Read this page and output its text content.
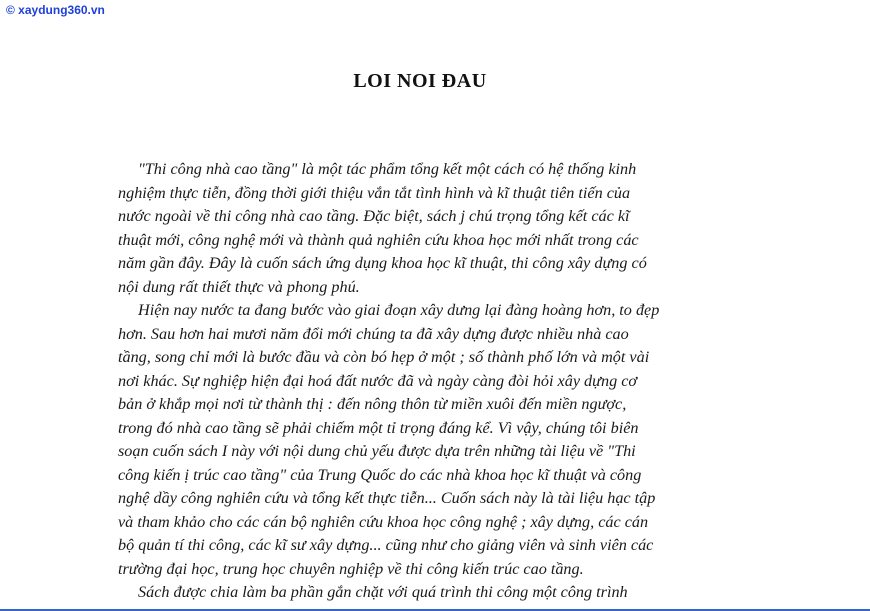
© xaydung360.vn
LOI NOI ĐAU
"Thi công nhà cao tầng" là một tác phẩm tổng kết một cách có hệ thống kinh
nghiệm thực tiễn, đồng thời giới thiệu vắn tắt tình hình và kĩ thuật tiên tiến của
nước ngoài về thi công nhà cao tầng. Đặc biệt, sách j chú trọng tổng kết các kĩ
thuật mới, công nghệ mới và thành quả nghiên cứu khoa học mới nhất trong các
năm gần đây. Đây là cuốn sách ứng dụng khoa học kĩ thuật, thi công xây dựng có
nội dung rất thiết thực và phong phú.
Hiện nay nước ta đang bước vào giai đoạn xây dưng lại đàng hoàng hơn, to đẹp
hơn. Sau hơn hai mươi năm đổi mới chúng ta đã xây dựng được nhiều nhà cao
tầng, song chỉ mới là bước đầu và còn bó hẹp ở một ; số thành phố lớn và một vài
nơi khác. Sự nghiệp hiện đại hoá đất nước đã và ngày càng đòi hỏi xây dựng cơ
bản ở khắp mọi nơi từ thành thị : đến nông thôn từ miền xuôi đến miền ngược,
trong đó nhà cao tầng sẽ phải chiếm một tỉ trọng đáng kể. Vì vậy, chúng tôi biên
soạn cuốn sách I này với nội dung chủ yếu được dựa trên những tài liệu về "Thi
công kiến ị trúc cao tầng" của Trung Quốc do các nhà khoa học kĩ thuật và công
nghệ dầy công nghiên cứu và tổng kết thực tiễn... Cuốn sách này là tài liệu hạc tập
và tham khảo cho các cán bộ nghiên cứu khoa học công nghệ ; xây dựng, các cán
bộ quản tí thi công, các kĩ sư xây dựng... cũng như cho giảng viên và sinh viên các
trường đại học, trung học chuyên nghiệp về thi công kiến trúc cao tầng.
Sách được chia làm ba phần gắn chặt với quá trình thi công một công trình
